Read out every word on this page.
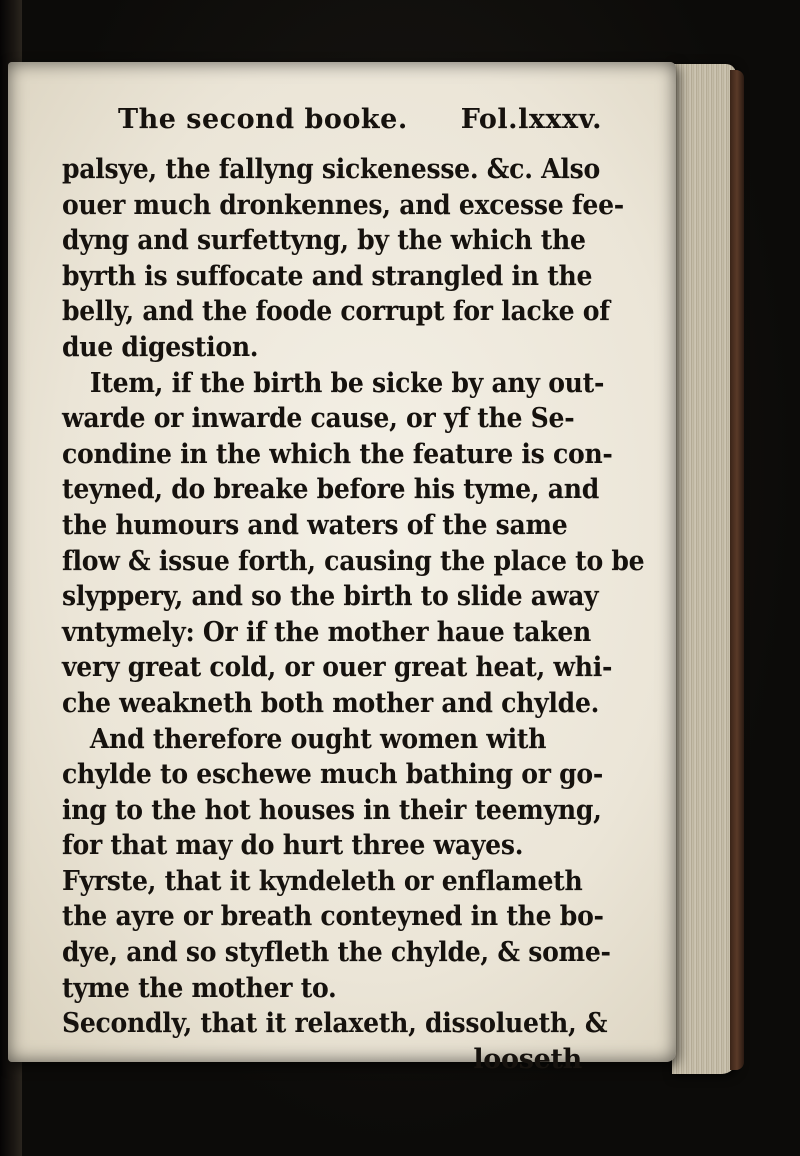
The second booke. Fol.lxxxv.
palsye, the fallyng sickenesse. &c. Also
ouer much dronkennes, and excesse fee-
dyng and surfettyng, by the which the
byrth is suffocate and strangled in the
belly, and the foode corrupt for lacke of
due digestion.
Item, if the birth be sicke by any out-
warde or inwarde cause, or yf the Se-
condine in the which the feature is con-
teyned, do breake before his tyme, and
the humours and waters of the same
flow & issue forth, causing the place to be
slyppery, and so the birth to slide away
vntymely: Or if the mother haue taken
very great cold, or ouer great heat, whi-
che weakneth both mother and chylde.
And therefore ought women with
chylde to eschewe much bathing or go-
ing to the hot houses in their teemyng,
for that may do hurt three wayes.
Fyrste, that it kyndeleth or enflameth
the ayre or breath conteyned in the bo-
dye, and so styfleth the chylde, & some-
tyme the mother to.
Secondly, that it relaxeth, dissolueth, &
looseth
